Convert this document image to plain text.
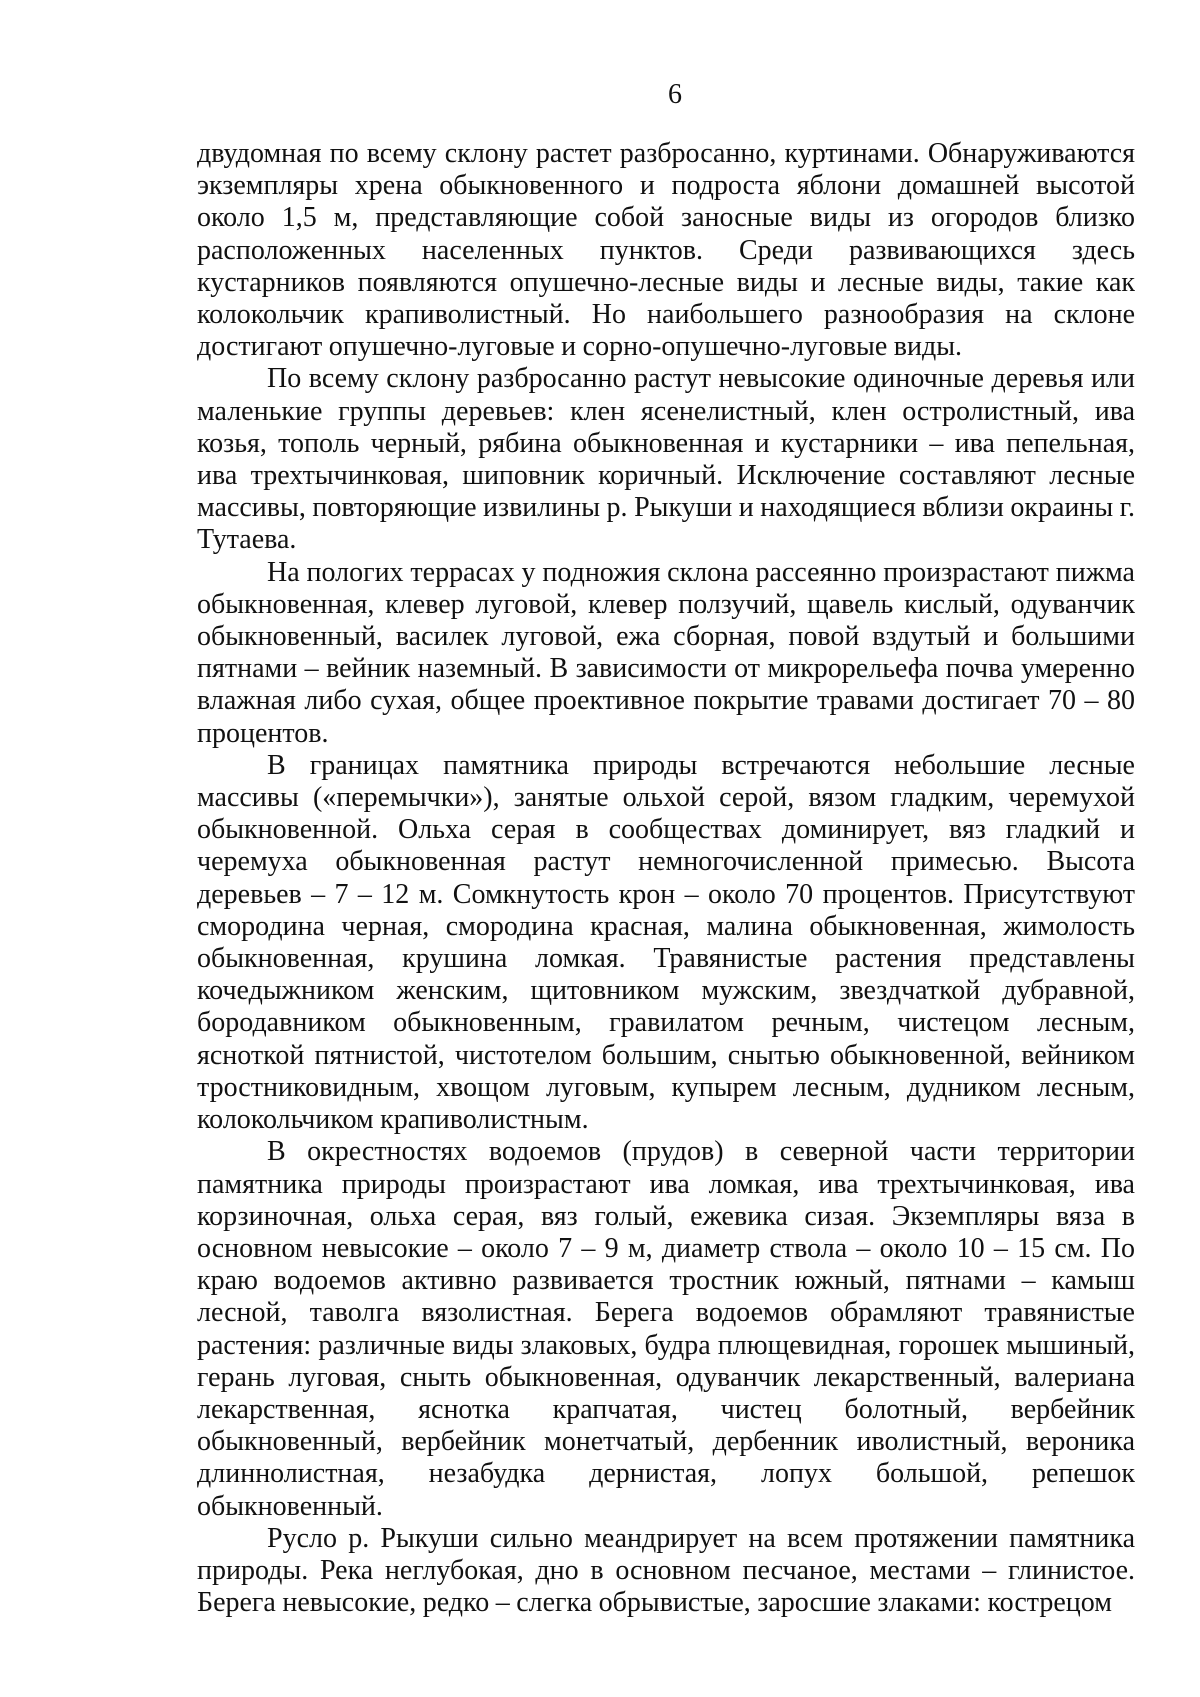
6

двудомная по всему склону растет разбросанно, куртинами. Обнаруживаются экземпляры хрена обыкновенного и подроста яблони домашней высотой около 1,5 м, представляющие собой заносные виды из огородов близко расположенных населенных пунктов. Среди развивающихся здесь кустарников появляются опушечно-лесные виды и лесные виды, такие как колокольчик крапиволистный. Но наибольшего разнообразия на склоне достигают опушечно-луговые и сорно-опушечно-луговые виды.

По всему склону разбросанно растут невысокие одиночные деревья или маленькие группы деревьев: клен ясенелистный, клен остролистный, ива козья, тополь черный, рябина обыкновенная и кустарники – ива пепельная, ива трехтычинковая, шиповник коричный. Исключение составляют лесные массивы, повторяющие извилины р. Рыкуши и находящиеся вблизи окраины г. Тутаева.

На пологих террасах у подножия склона рассеянно произрастают пижма обыкновенная, клевер луговой, клевер ползучий, щавель кислый, одуванчик обыкновенный, василек луговой, ежа сборная, повой вздутый и большими пятнами – вейник наземный. В зависимости от микрорельефа почва умеренно влажная либо сухая, общее проективное покрытие травами достигает 70 – 80 процентов.

В границах памятника природы встречаются небольшие лесные массивы («перемычки»), занятые ольхой серой, вязом гладким, черемухой обыкновенной. Ольха серая в сообществах доминирует, вяз гладкий и черемуха обыкновенная растут немногочисленной примесью. Высота деревьев – 7 – 12 м. Сомкнутость крон – около 70 процентов. Присутствуют смородина черная, смородина красная, малина обыкновенная, жимолость обыкновенная, крушина ломкая. Травянистые растения представлены кочедыжником женским, щитовником мужским, звездчаткой дубравной, бородавником обыкновенным, гравилатом речным, чистецом лесным, ясноткой пятнистой, чистотелом большим, снытью обыкновенной, вейником тростниковидным, хвощом луговым, купырем лесным, дудником лесным, колокольчиком крапиволистным.

В окрестностях водоемов (прудов) в северной части территории памятника природы произрастают ива ломкая, ива трехтычинковая, ива корзиночная, ольха серая, вяз голый, ежевика сизая. Экземпляры вяза в основном невысокие – около 7 – 9 м, диаметр ствола – около 10 – 15 см. По краю водоемов активно развивается тростник южный, пятнами – камыш лесной, таволга вязолистная. Берега водоемов обрамляют травянистые растения: различные виды злаковых, будра плющевидная, горошек мышиный, герань луговая, сныть обыкновенная, одуванчик лекарственный, валериана лекарственная, яснотка крапчатая, чистец болотный, вербейник обыкновенный, вербейник монетчатый, дербенник иволистный, вероника длиннолистная, незабудка дернистая, лопух большой, репешок обыкновенный.

Русло р. Рыкуши сильно меандрирует на всем протяжении памятника природы. Река неглубокая, дно в основном песчаное, местами – глинистое. Берега невысокие, редко – слегка обрывистые, заросшие злаками: кострецом
